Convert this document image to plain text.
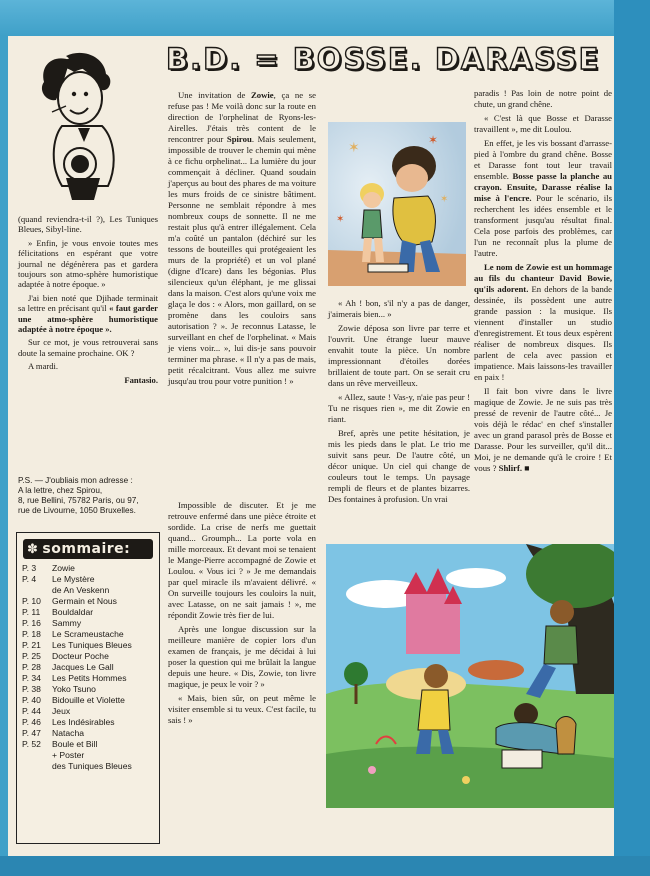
(quand reviendra-t-il ?), Les Tuniques Bleues, Sibyl-line.

» Enfin, je vous envoie toutes mes félicitations en espérant que votre journal ne dégénèrera pas et gardera toujours son atmo-sphère humoristique adaptée à notre époque. »

J'ai bien noté que Djihade terminait sa lettre en précisant qu'il « faut garder une atmo-sphère humoristique adaptée à notre époque ».

Sur ce mot, je vous retrouverai sans doute la semaine prochaine. OK ?

A mardi.

Fantasio.

✽ sommaire:
P. 3	Zowie
P. 4	Le Mystère
de An Veskenn
P. 10	Germain et Nous
P. 11	Bouldaldar
P. 16	Sammy
P. 18	Le Scrameustache
P. 21	Les Tuniques Bleues
P. 25	Docteur Poche
P. 28	Jacques Le Gall
P. 34	Les Petits Hommes
P. 38	Yoko Tsuno
P. 40	Bidouille et Violette
P. 44	Jeux
P. 46	Les Indésirables
P. 47	Natacha
P. 52	Boule et Bill
+ Poster
des Tuniques Bleues
B.D. = BOSSE. DARASSE

Une invitation de Zowie, ça ne se refuse pas ! Me voilà donc sur la route en direction de l'orphelinat de Ryons-les-Airelles. J'étais très content de le rencontrer pour Spirou. Mais seulement, impossible de trouver le chemin qui mène à ce fichu orphelinat... La lumière du jour commençait à décliner. Quand soudain j'aperçus au bout des phares de ma voiture les murs froids de ce sinistre bâtiment. Personne ne semblait répondre à mes nombreux coups de sonnette. Il ne me restait plus qu'à entrer illégalement. Cela m'a coûté un pantalon (déchiré sur les tessons de bouteilles qui protégeaient les murs de la propriété) et un vol plané (digne d'Icare) dans les bégonias. Plus silencieux qu'un éléphant, je me glissai dans la maison. C'est alors qu'une voix me glaça le dos : « Alors, mon gaillard, on se promène dans les couloirs sans autorisation ? ». Je reconnus Latasse, le surveillant en chef de l'orphelinat. « Mais je viens voir... », lui dis-je sans pouvoir terminer ma phrase. « Il n'y a pas de mais, petit récalcitrant. Vous allez me suivre jusqu'au trou pour votre punition ! »

Impossible de discuter. Et je me retrouve enfermé dans une pièce étroite et sordide. La crise de nerfs me guettait quand... Groumph... La porte vola en mille morceaux. Et devant moi se tenaient le Mange-Pierre accompagné de Zowie et Loulou. « Vous ici ? » Je me demandais par quel miracle ils m'avaient délivré. « On surveille toujours les couloirs la nuit, avec Latasse, on ne sait jamais ! », me répondit Zowie très fier de lui.

Après une longue discussion sur la meilleure manière de copier lors d'un examen de français, je me décidai à lui poser la question qui me brûlait la langue depuis une heure. « Dis, Zowie, ton livre magique, je peux le voir ? »

« Mais, bien sûr, on peut même le visiter ensemble si tu veux. C'est facile, tu sais ! »

✶
✶
✶
✶

« Ah ! bon, s'il n'y a pas de danger, j'aimerais bien... »

Zowie déposa son livre par terre et l'ouvrit. Une étrange lueur mauve envahit toute la pièce. Un nombre impressionnant d'étoiles dorées brillaient de toute part. On se serait cru dans un rêve merveilleux.

« Allez, saute ! Vas-y, n'aie pas peur ! Tu ne risques rien », me dit Zowie en riant.

Bref, après une petite hésitation, je mis les pieds dans le plat. Le trio me suivit sans peur. De l'autre côté, un décor unique. Un ciel qui change de couleurs tout le temps. Un paysage rempli de fleurs et de plantes bizarres. Des fontaines à profusion. Un vrai

paradis ! Pas loin de notre point de chute, un grand chêne.

« C'est là que Bosse et Darasse travaillent », me dit Loulou.

En effet, je les vis bossant d'arrasse-pied à l'ombre du grand chêne. Bosse et Darasse font tout leur travail ensemble. Bosse passe la planche au crayon. Ensuite, Darasse réalise la mise à l'encre. Pour le scénario, ils recherchent les idées ensemble et le transforment jusqu'au résultat final. Cela pose parfois des problèmes, car l'un ne reconnaît plus la plume de l'autre.

Le nom de Zowie est un hommage au fils du chanteur David Bowie, qu'ils adorent. En dehors de la bande dessinée, ils possèdent une autre grande passion : la musique. Ils viennent d'installer un studio d'enregistrement. Et tous deux espèrent réaliser de nombreux disques. Ils parlent de cela avec passion et impatience. Mais laissons-les travailler en paix !

Il fait bon vivre dans le livre magique de Zowie. Je ne suis pas très pressé de revenir de l'autre côté... Je vois déjà le rédac' en chef s'installer avec un grand parasol près de Bosse et Darasse. Pour les surveiller, qu'il dit... Moi, je ne demande qu'à le croire ! Et vous ? Shlirf. ■

P.S. — J'oubliais mon adresse :

A la lettre, chez Spirou,

8, rue Bellini, 75782 Paris, ou 97,

rue de Livourne, 1050 Bruxelles.
